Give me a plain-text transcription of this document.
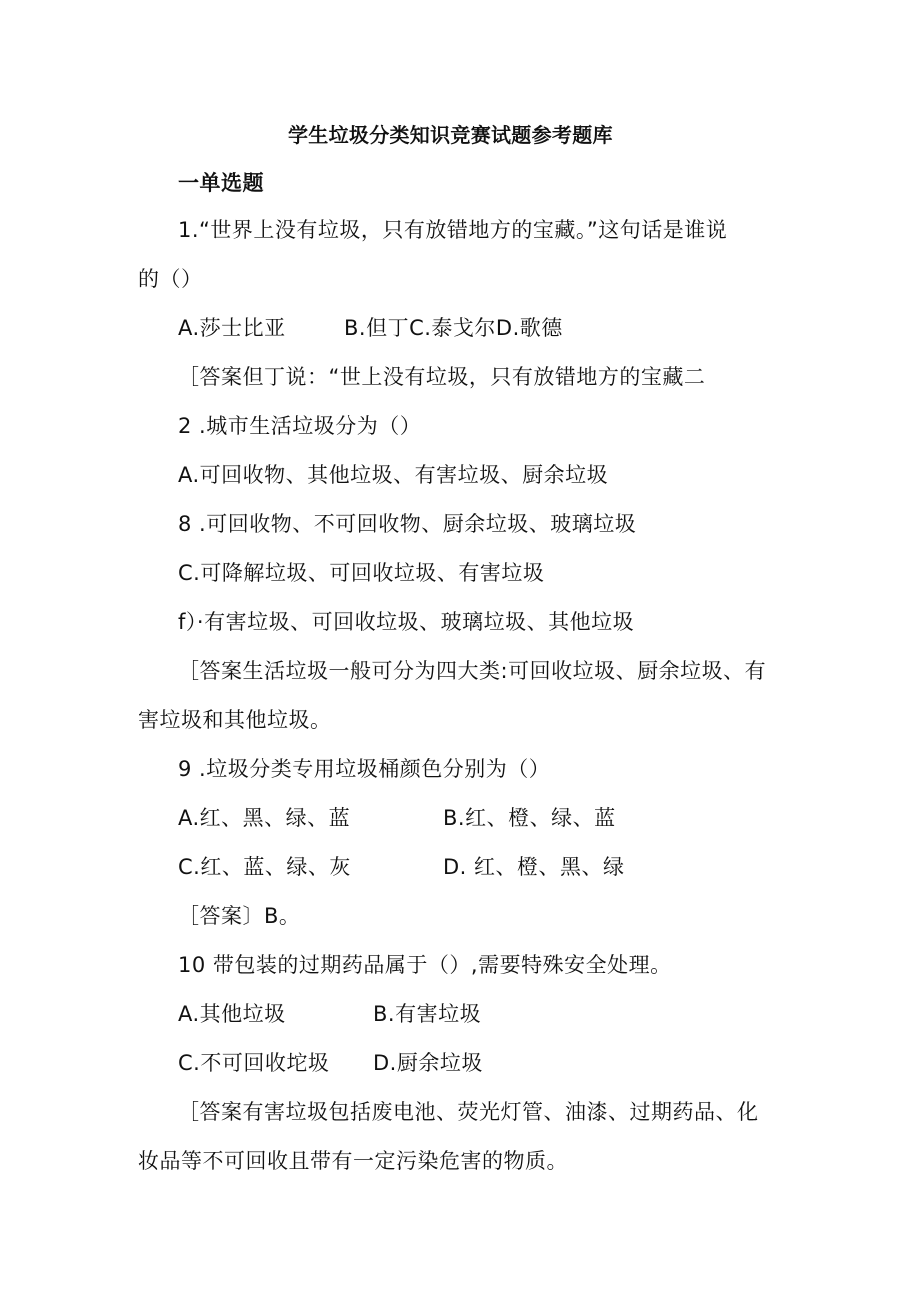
学生垃圾分类知识竞赛试题参考题库
一单选题
1.“世界上没有垃圾，只有放错地方的宝藏。”这句话是谁说
的（）
A.莎士比亚	B.但丁C.泰戈尔D.歌德
［答案但丁说：“世上没有垃圾，只有放错地方的宝藏二
2 .城市生活垃圾分为（）
A.可回收物、其他垃圾、有害垃圾、厨余垃圾
8 .可回收物、不可回收物、厨余垃圾、玻璃垃圾
C.可降解垃圾、可回收垃圾、有害垃圾
f）·有害垃圾、可回收垃圾、玻璃垃圾、其他垃圾
［答案生活垃圾一般可分为四大类:可回收垃圾、厨余垃圾、有
害垃圾和其他垃圾。
9 .垃圾分类专用垃圾桶颜色分别为（）
A.红、黑、绿、蓝	B.红、橙、绿、蓝
C.红、蓝、绿、灰	D. 红、橙、黑、绿
［答案〕B。
10 带包装的过期药品属于（）,需要特殊安全处理。
A.其他垃圾	B.有害垃圾
C.不可回收坨圾 D.厨余垃圾
［答案有害垃圾包括废电池、荧光灯管、油漆、过期药品、化
妆品等不可回收且带有一定污染危害的物质。
